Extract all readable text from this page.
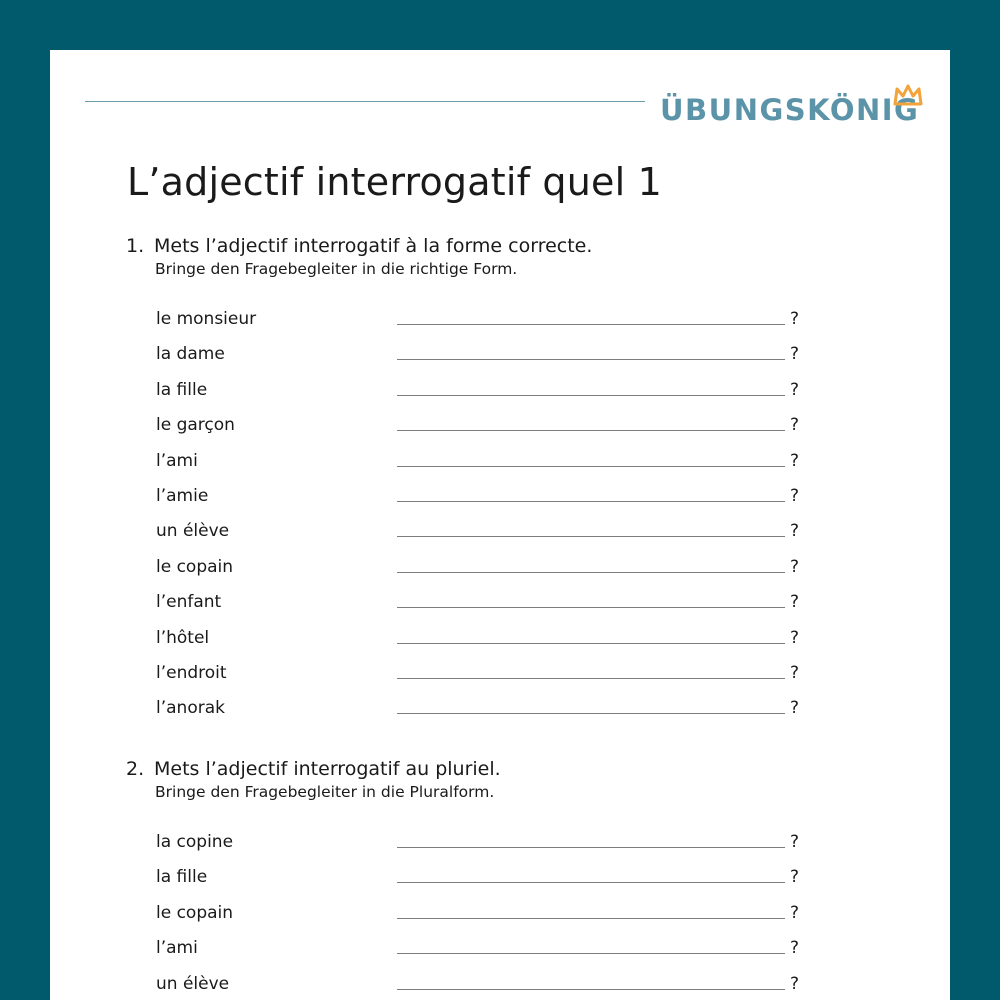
ÜBUNGSKÖNIG
L’adjectif interrogatif quel 1
1. Mets l’adjectif interrogatif à la forme correcte.
Bringe den Fragebegleiter in die richtige Form.
le monsieur	?
la dame	?
la fille	?
le garçon	?
l’ami	?
l’amie	?
un élève	?
le copain	?
l’enfant	?
l’hôtel	?
l’endroit	?
l’anorak	?
2. Mets l’adjectif interrogatif au pluriel.
Bringe den Fragebegleiter in die Pluralform.
la copine	?
la fille	?
le copain	?
l’ami	?
un élève	?
